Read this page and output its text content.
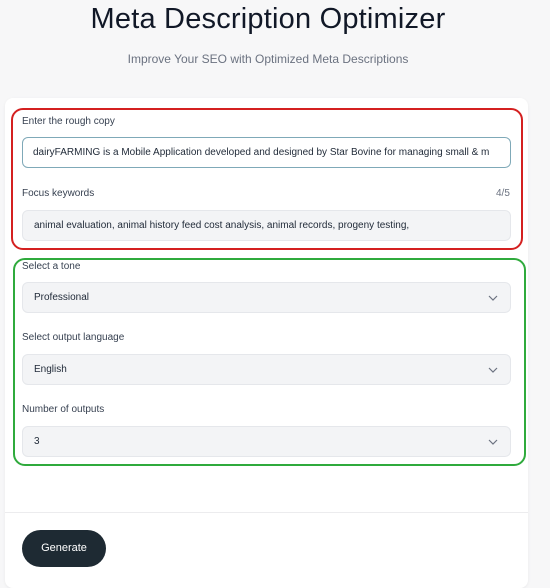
Meta Description Optimizer
Improve Your SEO with Optimized Meta Descriptions
Enter the rough copy
dairyFARMING is a Mobile Application developed and designed by Star Bovine for managing small & m
Focus keywords	4/5
animal evaluation, animal history feed cost analysis, animal records, progeny testing,
Select a tone
Professional
Select output language
English
Number of outputs
3
Generate
